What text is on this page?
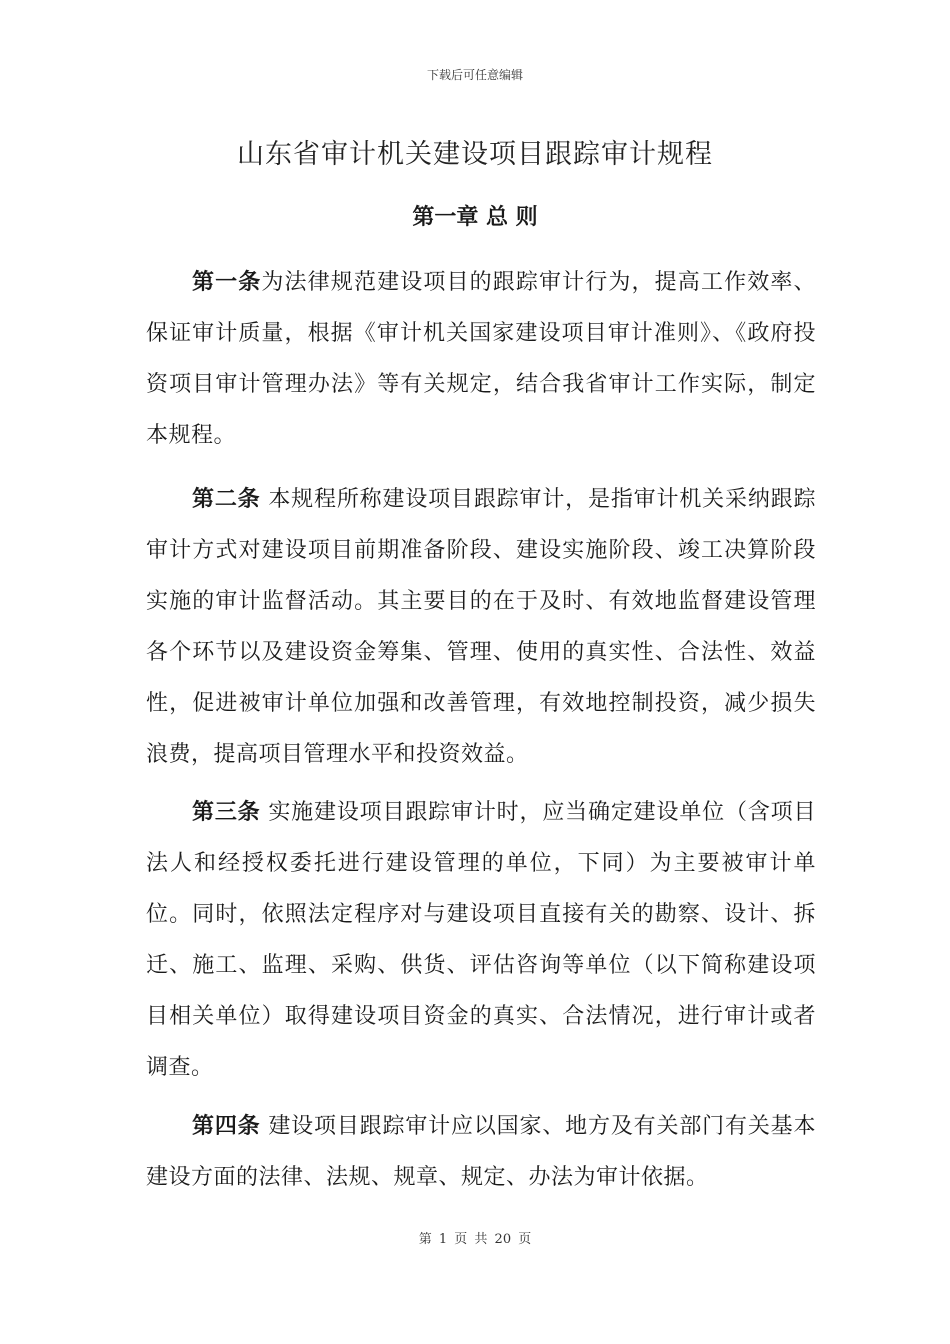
下载后可任意编辑
山东省审计机关建设项目跟踪审计规程
第一章 总 则

第一条为法律规范建设项目的跟踪审计行为，提高工作效率、保证审计质量，根据《审计机关国家建设项目审计准则》、《政府投资项目审计管理办法》等有关规定，结合我省审计工作实际，制定本规程。

第二条 本规程所称建设项目跟踪审计，是指审计机关采纳跟踪审计方式对建设项目前期准备阶段、建设实施阶段、竣工决算阶段实施的审计监督活动。其主要目的在于及时、有效地监督建设管理各个环节以及建设资金筹集、管理、使用的真实性、合法性、效益性，促进被审计单位加强和改善管理，有效地控制投资，减少损失浪费，提高项目管理水平和投资效益。

第三条 实施建设项目跟踪审计时，应当确定建设单位（含项目法人和经授权委托进行建设管理的单位，下同）为主要被审计单位。同时，依照法定程序对与建设项目直接有关的勘察、设计、拆迁、施工、监理、采购、供货、评估咨询等单位（以下简称建设项目相关单位）取得建设项目资金的真实、合法情况，进行审计或者调查。

第四条 建设项目跟踪审计应以国家、地方及有关部门有关基本建设方面的法律、法规、规章、规定、办法为审计依据。

第 1 页 共 20 页
